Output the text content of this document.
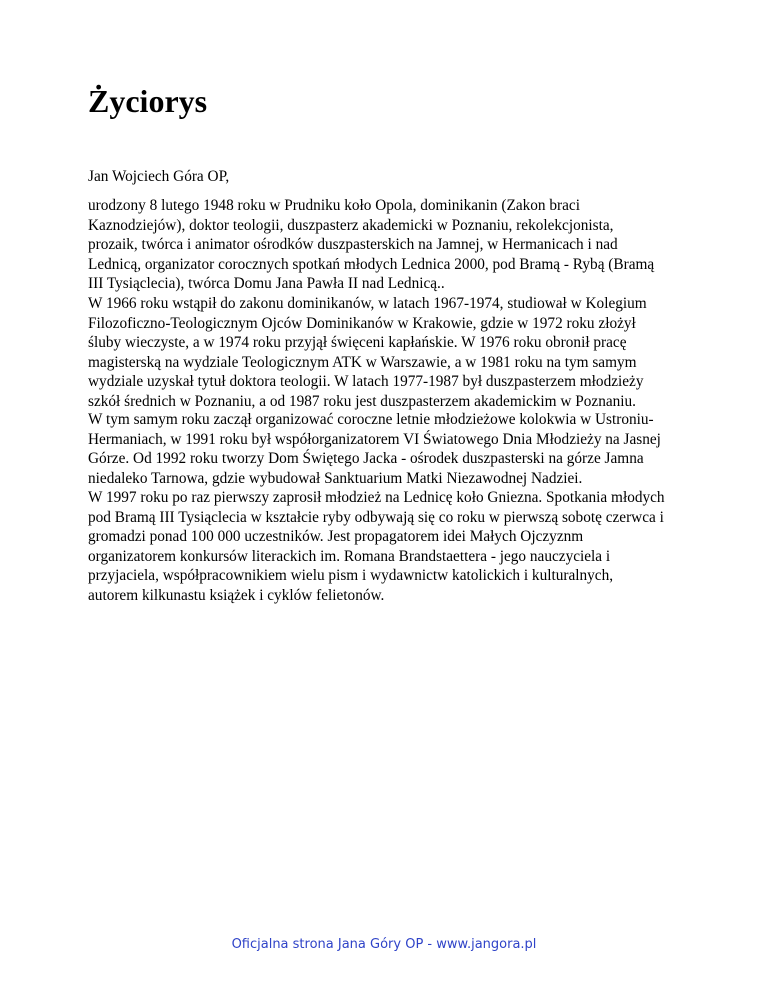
Życiorys

Jan Wojciech Góra OP,

urodzony 8 lutego 1948 roku w Prudniku koło Opola, dominikanin (Zakon braci
Kaznodziejów), doktor teologii, duszpasterz akademicki w Poznaniu, rekolekcjonista,
prozaik, twórca i animator ośrodków duszpasterskich na Jamnej, w Hermanicach i nad
Lednicą, organizator corocznych spotkań młodych Lednica 2000, pod Bramą - Rybą (Bramą
III Tysiąclecia), twórca Domu Jana Pawła II nad Lednicą..

W 1966 roku wstąpił do zakonu dominikanów, w latach 1967-1974, studiował w Kolegium
Filozoficzno-Teologicznym Ojców Dominikanów w Krakowie, gdzie w 1972 roku złożył
śluby wieczyste, a w 1974 roku przyjął święceni kapłańskie. W 1976 roku obronił pracę
magisterską na wydziale Teologicznym ATK w Warszawie, a w 1981 roku na tym samym
wydziale uzyskał tytuł doktora teologii. W latach 1977-1987 był duszpasterzem młodzieży
szkół średnich w Poznaniu, a od 1987 roku jest duszpasterzem akademickim w Poznaniu.

W tym samym roku zaczął organizować coroczne letnie młodzieżowe kolokwia w Ustroniu-
Hermaniach, w 1991 roku był współorganizatorem VI Światowego Dnia Młodzieży na Jasnej
Górze. Od 1992 roku tworzy Dom Świętego Jacka - ośrodek duszpasterski na górze Jamna
niedaleko Tarnowa, gdzie wybudował Sanktuarium Matki Niezawodnej Nadziei.
W 1997 roku po raz pierwszy zaprosił młodzież na Lednicę koło Gniezna. Spotkania młodych
pod Bramą III Tysiąclecia w kształcie ryby odbywają się co roku w pierwszą sobotę czerwca i
gromadzi ponad 100 000 uczestników. Jest propagatorem idei Małych Ojczyznm
organizatorem konkursów literackich im. Romana Brandstaettera - jego nauczyciela i
przyjaciela, współpracownikiem wielu pism i wydawnictw katolickich i kulturalnych,
autorem kilkunastu książek i cyklów felietonów.

Oficjalna strona Jana Góry OP - www.jangora.pl
